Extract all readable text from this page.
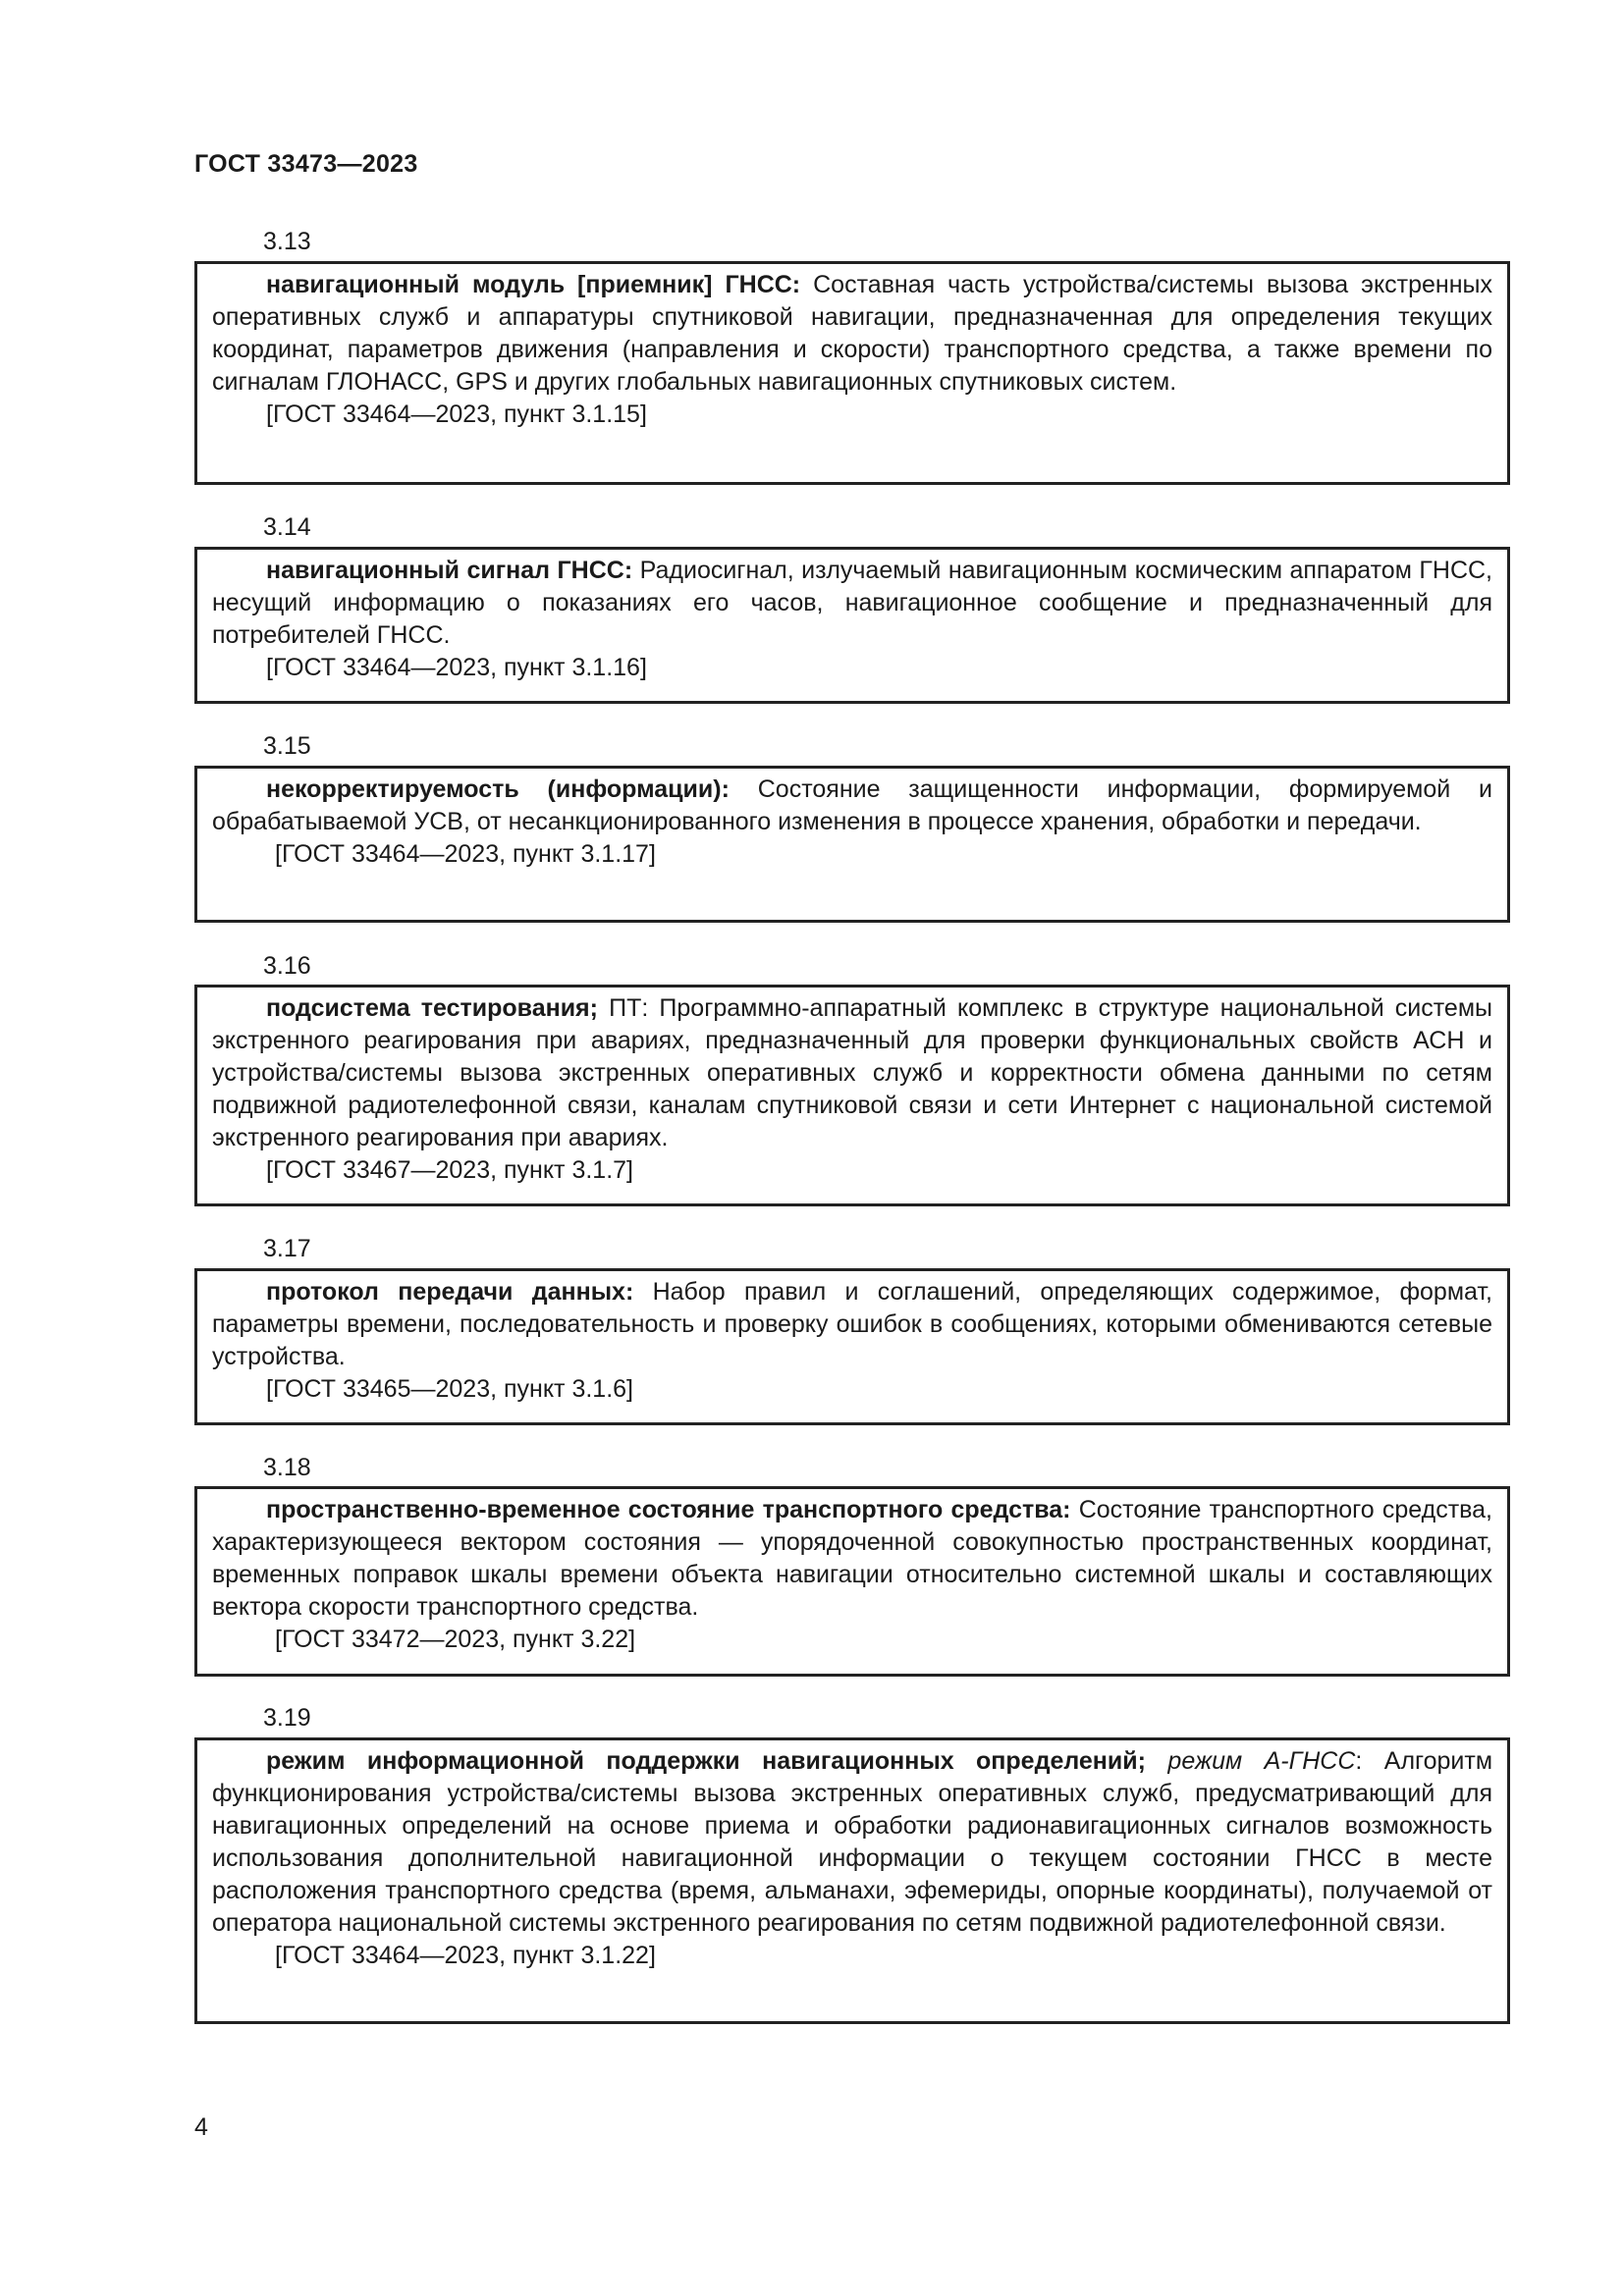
ГОСТ 33473—2023
3.13

навигационный модуль [приемник] ГНСС: Составная часть устройства/системы вызова экстренных оперативных служб и аппаратуры спутниковой навигации, предназначенная для определения текущих координат, параметров движения (направления и скорости) транспортного средства, а также времени по сигналам ГЛОНАСС, GPS и других глобальных навигационных спутниковых систем.

[ГОСТ 33464—2023, пункт 3.1.15]

3.14

навигационный сигнал ГНСС: Радиосигнал, излучаемый навигационным космическим аппаратом ГНСС, несущий информацию о показаниях его часов, навигационное сообщение и предназначенный для потребителей ГНСС.

[ГОСТ 33464—2023, пункт 3.1.16]

3.15

некорректируемость (информации): Состояние защищенности информации, формируемой и обрабатываемой УСВ, от несанкционированного изменения в процессе хранения, обработки и передачи.

[ГОСТ 33464—2023, пункт 3.1.17]

3.16

подсистема тестирования; ПТ: Программно-аппаратный комплекс в структуре национальной системы экстренного реагирования при авариях, предназначенный для проверки функциональных свойств АСН и устройства/системы вызова экстренных оперативных служб и корректности обмена данными по сетям подвижной радиотелефонной связи, каналам спутниковой связи и сети Интернет с национальной системой экстренного реагирования при авариях.

[ГОСТ 33467—2023, пункт 3.1.7]

3.17

протокол передачи данных: Набор правил и соглашений, определяющих содержимое, формат, параметры времени, последовательность и проверку ошибок в сообщениях, которыми обмениваются сетевые устройства.

[ГОСТ 33465—2023, пункт 3.1.6]

3.18

пространственно-временное состояние транспортного средства: Состояние транспортного средства, характеризующееся вектором состояния — упорядоченной совокупностью пространственных координат, временных поправок шкалы времени объекта навигации относительно системной шкалы и составляющих вектора скорости транспортного средства.

[ГОСТ 33472—2023, пункт 3.22]

3.19

режим информационной поддержки навигационных определений; режим А-ГНСС: Алгоритм функционирования устройства/системы вызова экстренных оперативных служб, предусматривающий для навигационных определений на основе приема и обработки радионавигационных сигналов возможность использования дополнительной навигационной информации о текущем состоянии ГНСС в месте расположения транспортного средства (время, альманахи, эфемериды, опорные координаты), получаемой от оператора национальной системы экстренного реагирования по сетям подвижной радиотелефонной связи.

[ГОСТ 33464—2023, пункт 3.1.22]

4
